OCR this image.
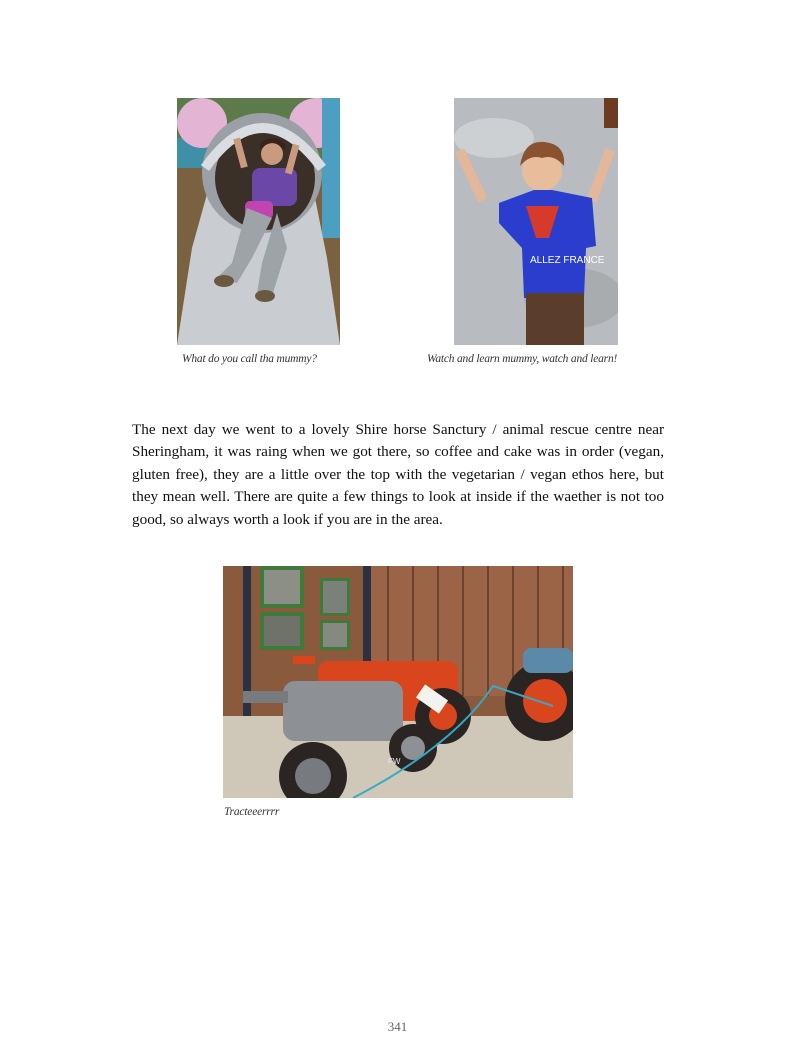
What do you call tha mummy?
ALLEZ FRANCE
Watch and learn mummy, watch and learn!
The next day we went to a lovely Shire horse Sanctury / animal rescue centre near Sheringham, it was raing when we got there, so coffee and cake was in order (vegan, gluten free), they are a little over the top with the vegetarian / vegan ethos here, but they mean well. There are quite a few things to look at inside if the waether is not too good, so always worth a look if you are in the area.
FW
Tracteeerrrr
341
